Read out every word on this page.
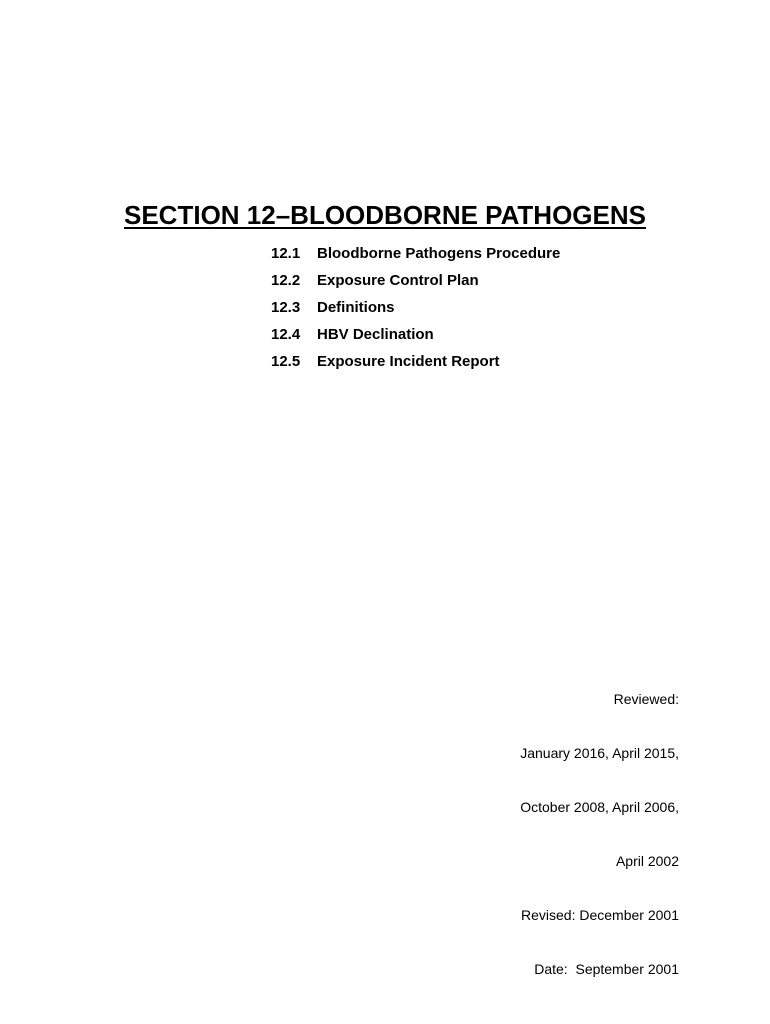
SECTION 12–BLOODBORNE PATHOGENS
12.1	Bloodborne Pathogens Procedure
12.2	Exposure Control Plan
12.3	Definitions
12.4	HBV Declination
12.5	Exposure Incident Report

Reviewed:

January 2016, April 2015,

October 2008, April 2006,

April 2002

Revised: December 2001

Date:  September 2001
